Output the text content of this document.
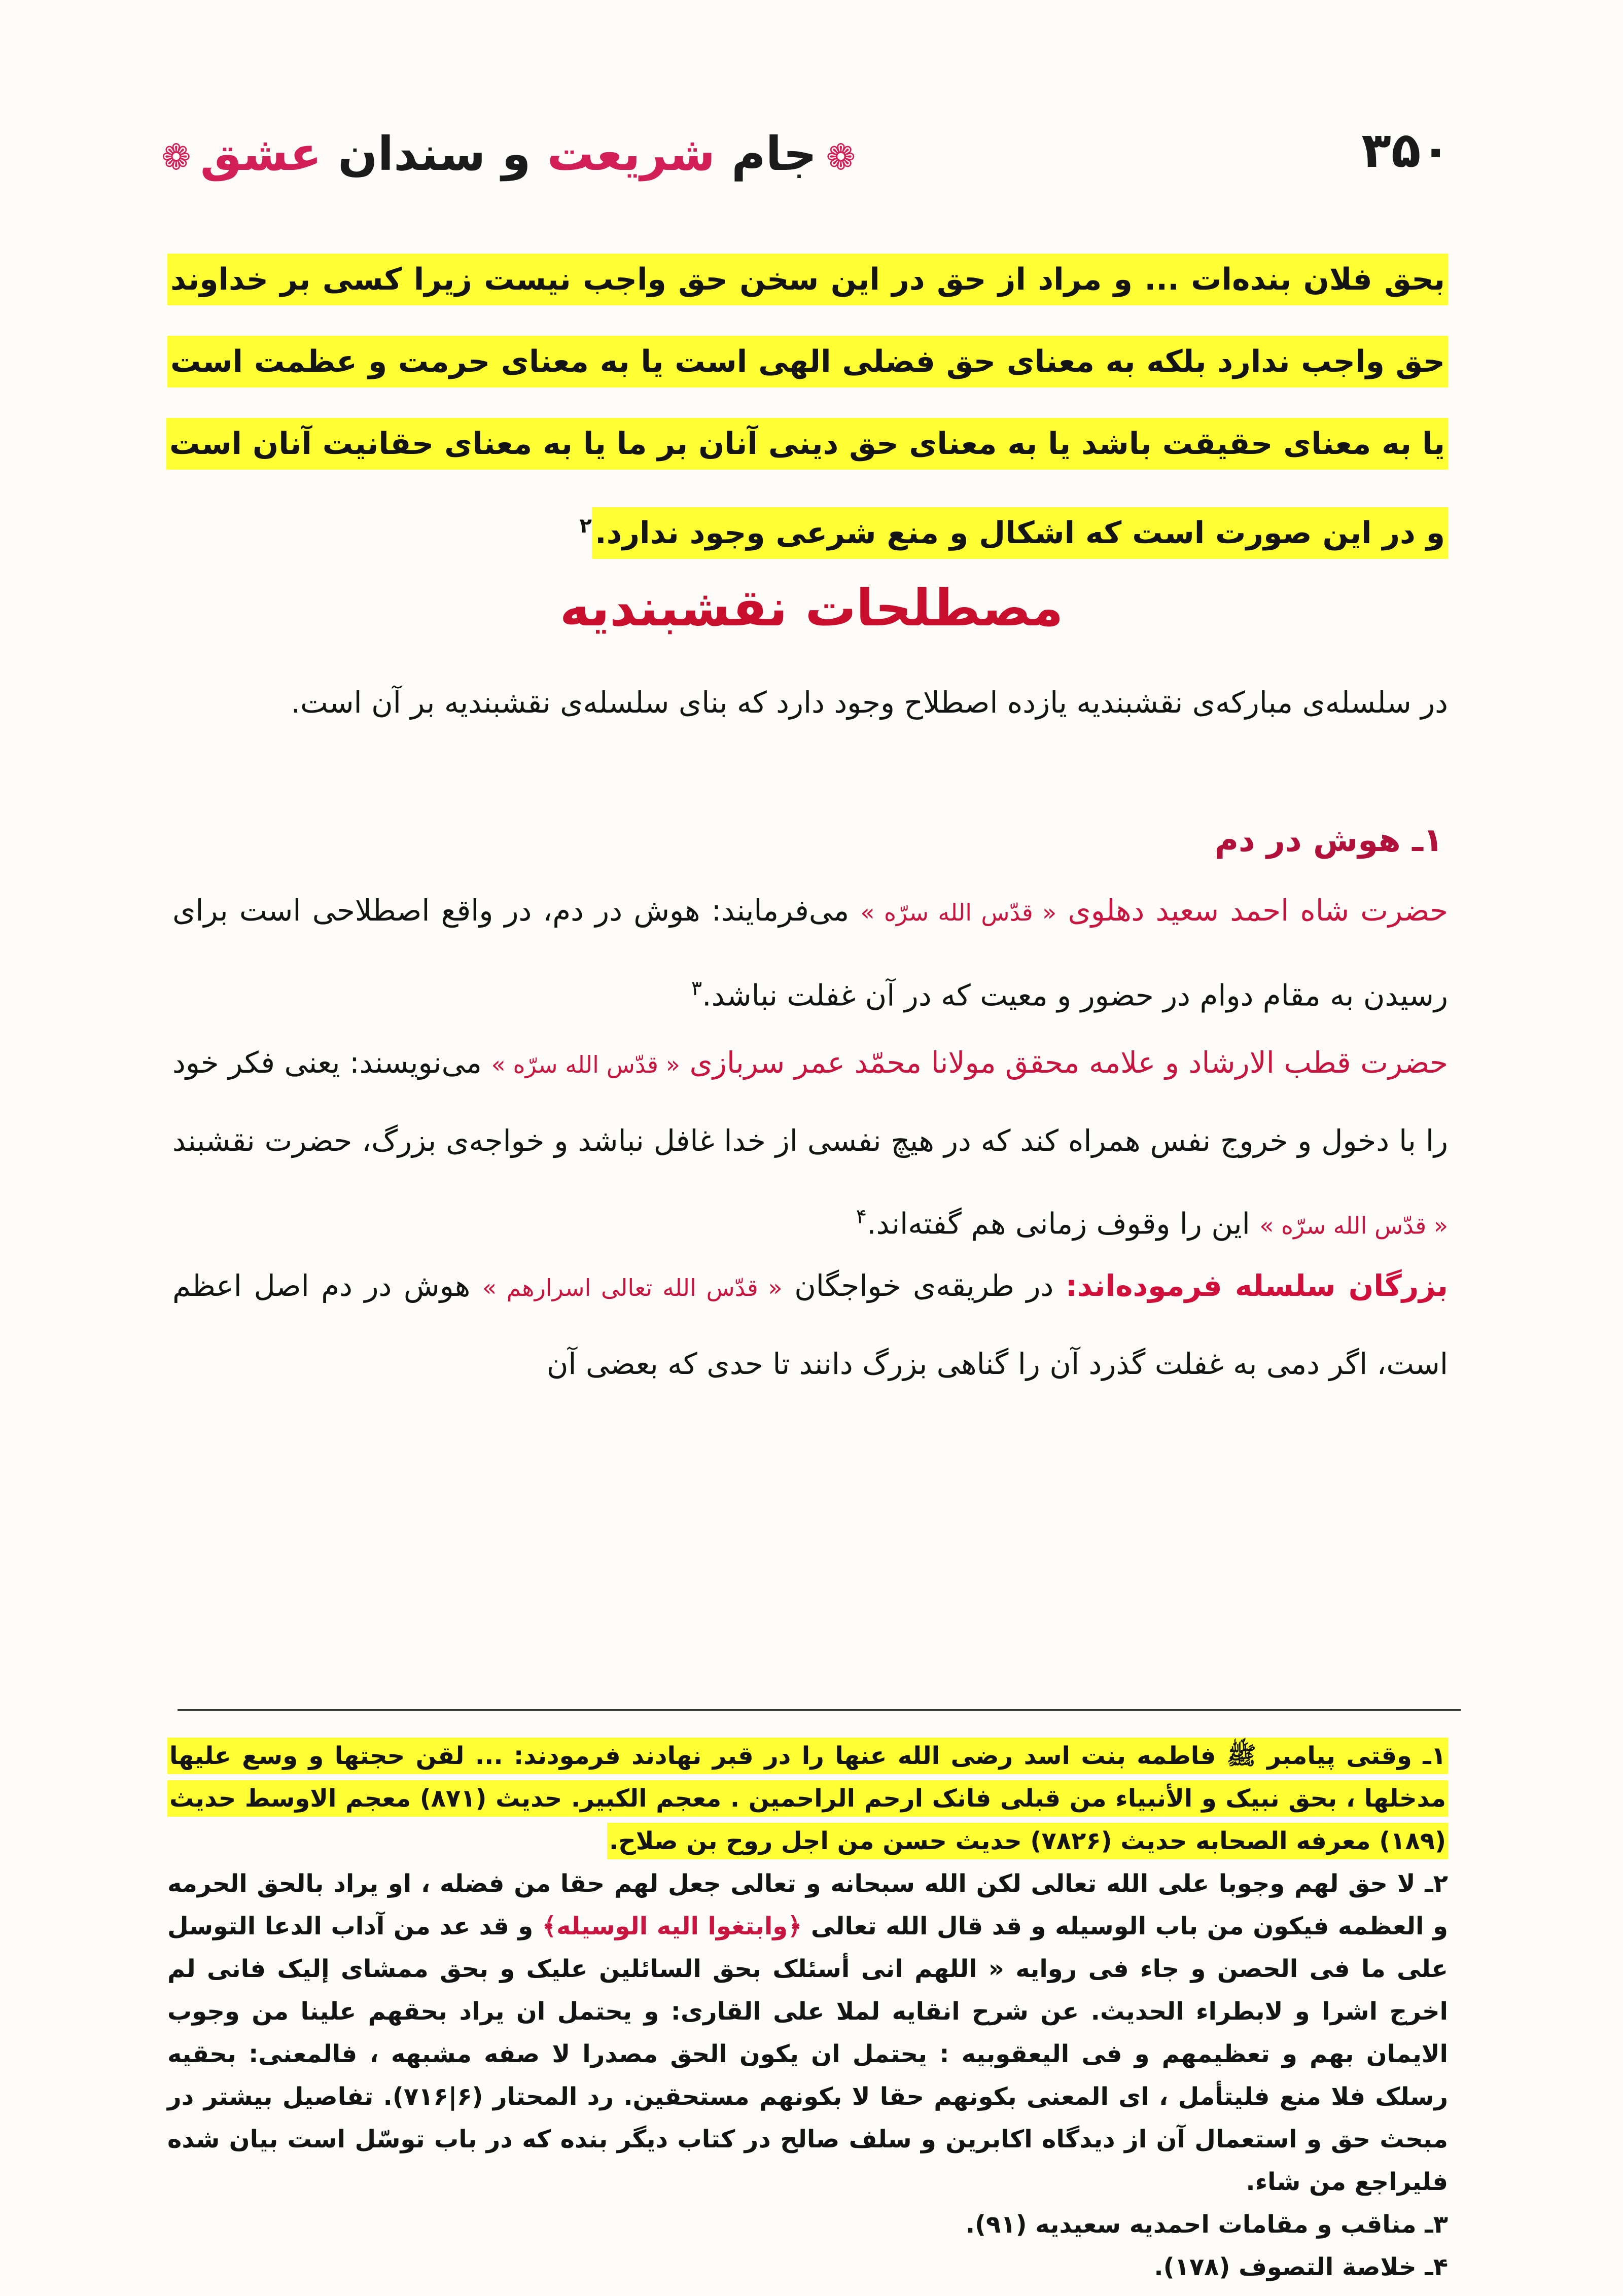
۳۵۰
❁جام شریعت و سندان عشق❁
بحق فلان بنده‌ات ... و مراد از حق در این سخن حق واجب نیست زیرا کسی بر خداوند حق واجب ندارد بلکه به معنای حق فضلی الهی است یا به معنای حرمت و عظمت است یا به معنای حقیقت باشد یا به معنای حق دینی آنان بر ما یا به معنای حقانیت آنان است و در این صورت است که اشکال و منع شرعی وجود ندارد.$^۲$
مصطلحات نقشبندیه
در سلسله‌ی مبارکه‌ی نقشبندیه یازده اصطلاح وجود دارد که بنای سلسله‌ی نقشبندیه بر آن است.
۱ـ هوش در دم
حضرت شاه احمد سعید دهلوی « قدّس الله سرّه » می‌فرمایند: هوش در دم، در واقع اصطلاحی است برای رسیدن به مقام دوام در حضور و معیت که در آن غفلت نباشد.$^۳$
حضرت قطب الارشاد و علامه محقق مولانا محمّد عمر سربازی « قدّس الله سرّه » می‌نویسند: یعنی فکر خود را با دخول و خروج نفس همراه کند که در هیچ نفسی از خدا غافل نباشد و خواجه‌ی بزرگ، حضرت نقشبند « قدّس الله سرّه » این را وقوف زمانی هم گفته‌اند.$^۴$
بزرگان سلسله فرموده‌اند: در طریقه‌ی خواجگان « قدّس الله تعالی اسرارهم » هوش در دم اصل اعظم است، اگر دمی به غفلت گذرد آن را گناهی بزرگ دانند تا حدی که بعضی آن

۱ـ وقتی پیامبر ﷺ فاطمه بنت اسد رضی الله عنها را در قبر نهادند فرمودند: ... لقن حجتها و وسع علیها مدخلها ، بحق نبیک و الأنبیاء من قبلی فانک ارحم الراحمین . معجم الکبیر. حدیث (۸۷۱) معجم الاوسط حدیث (۱۸۹) معرفه الصحابه حدیث (۷۸۲۶) حدیث حسن من اجل روح بن صلاح.

۲ـ لا حق لهم وجوبا علی الله تعالی لکن الله سبحانه و تعالی جعل لهم حقا من فضله ، او یراد بالحق الحرمه و العظمه فیکون من باب الوسیله و قد قال الله تعالی ﴿وابتغوا الیه الوسیله﴾ و قد عد من آداب الدعا التوسل علی ما فی الحصن و جاء فی روایه « اللهم انی أسئلک بحق السائلین علیک و بحق ممشای إلیک فانی لم اخرج اشرا و لابطراء الحدیث. عن شرح انقایه لملا علی القاری: و یحتمل ان یراد بحقهم علینا من وجوب الایمان بهم و تعظیمهم و فی الیعقوبیه : یحتمل ان یکون الحق مصدرا لا صفه مشبهه ، فالمعنی: بحقیه رسلک فلا منع فلیتأمل ، ای المعنی بکونهم حقا لا بکونهم مستحقین. رد المحتار (۶|۷۱۶). تفاصیل بیشتر در مبحث حق و استعمال آن از دیدگاه اکابرین و سلف صالح در کتاب دیگر بنده که در باب توسّل است بیان شده فلیراجع من شاء.

۳ـ مناقب و مقامات احمدیه سعیدیه (۹۱).

۴ـ خلاصة التصوف (۱۷۸).
